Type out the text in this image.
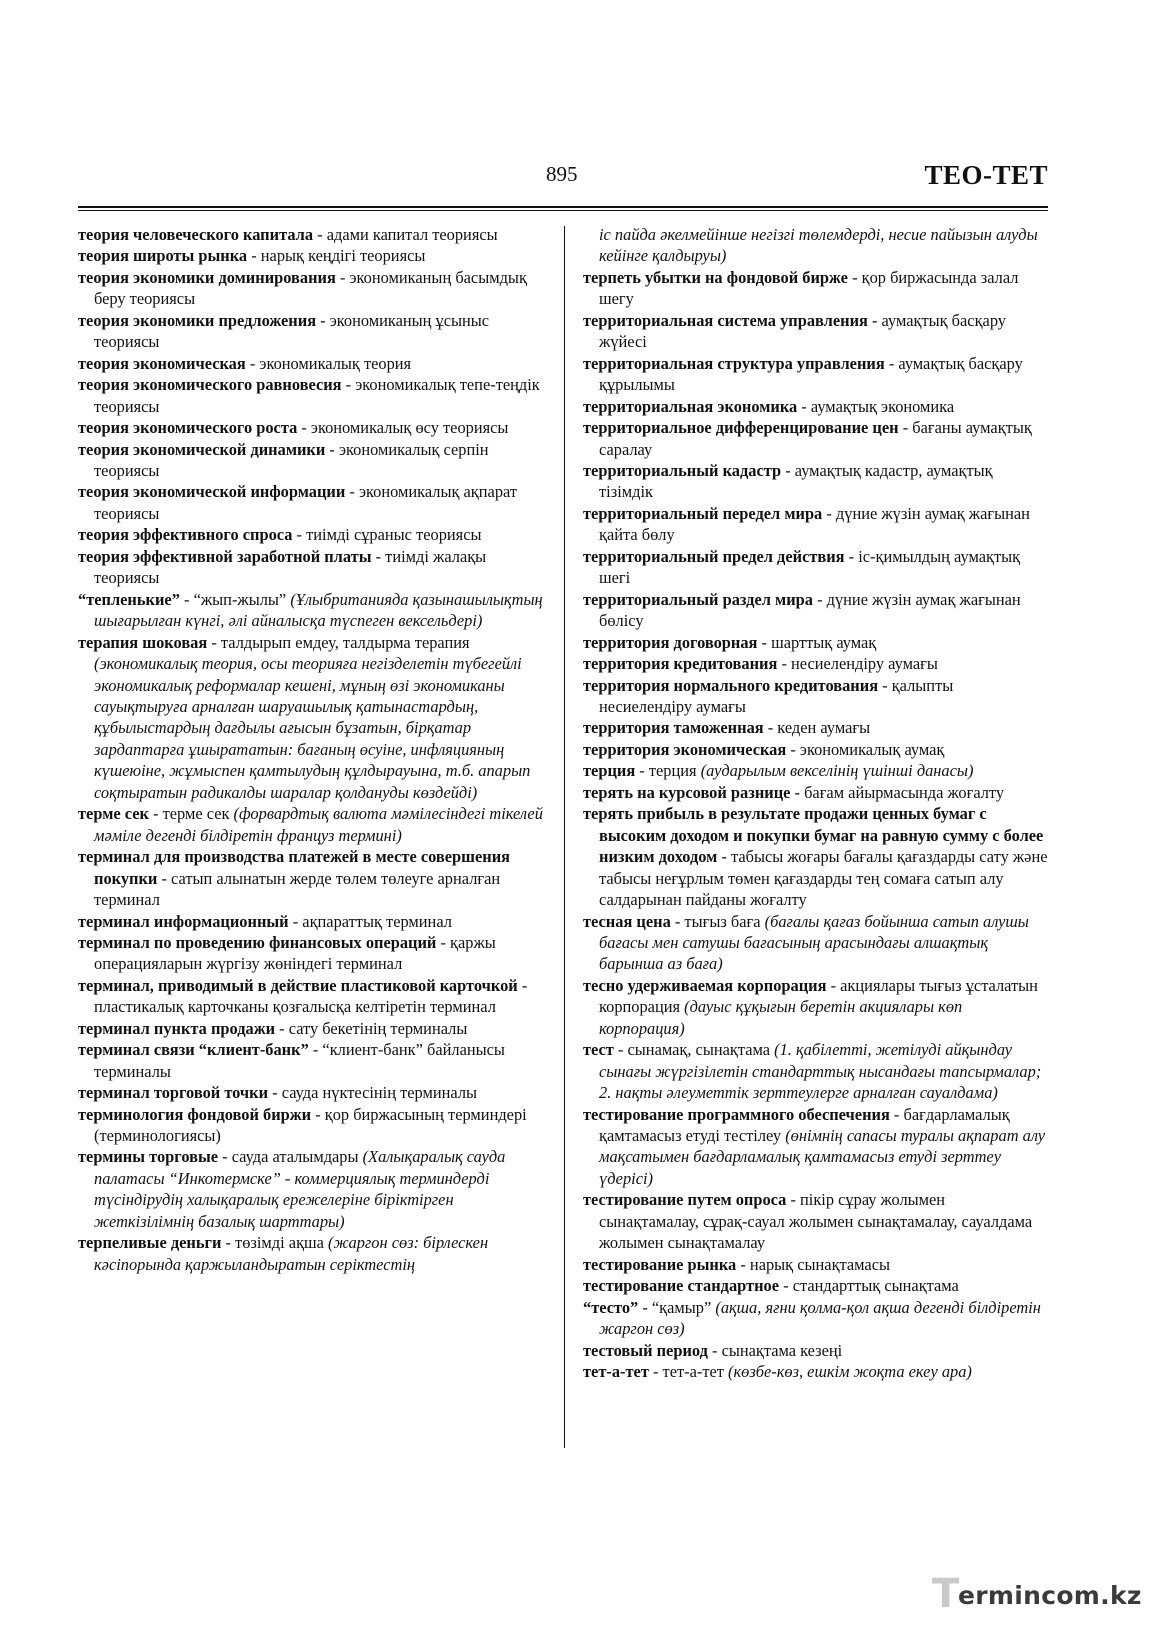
895	ТЕО-ТЕТ

теория человеческого капитала - адами капитал теориясы

теория широты рынка - нарық кеңдігі теориясы

теория экономики доминирования - экономиканың басымдық беру теориясы

теория экономики предложения - экономиканың ұсыныс теориясы

теория экономическая - экономикалық теория

теория экономического равновесия - экономикалық тепе-теңдік теориясы

теория экономического роста - экономикалық өсу теориясы

теория экономической динамики - экономикалық серпін теориясы

теория экономической информации - экономикалық ақпарат теориясы

теория эффективного спроса - тиімді сұраныс теориясы

теория эффективной заработной платы - тиімді жалақы теориясы

“тепленькие” - “жып-жылы” (Ұлыбританияда қазынашылықтың шығарылған күнгі, әлі айналысқа түспеген вексельдері)

терапия шоковая - талдырып емдеу, талдырма терапия (экономикалық теория, осы теорияға негізделетін түбегейлі экономикалық реформалар кешені, мұның өзі экономиканы сауықтыруға арналған шаруашылық қатынастардың, құбылыстардың дағдылы ағысын бұзатын, бірқатар зардаптарға ұшырататын: бағаның өсуіне, инфляцияның күшеюіне, жұмыспен қамтылудың құлдырауына, т.б. апарып соқтыратын радикалды шаралар қолдануды көздейді)

терме сек - терме сек (форвардтық валюта мәмілесіндегі тікелей мәміле дегенді білдіретін француз термині)

терминал для производства платежей в месте совершения покупки - сатып алынатын жерде төлем төлеуге арналған терминал

терминал информационный - ақпараттық терминал

терминал по проведению финансовых операций - қаржы операцияларын жүргізу жөніндегі терминал

терминал, приводимый в действие пластиковой карточкой - пластикалық карточканы қозғалысқа келтіретін терминал

терминал пункта продажи - сату бекетінің терминалы

терминал связи “клиент-банк” - “клиент-банк” байланысы терминалы

терминал торговой точки - сауда нүктесінің терминалы

терминология фондовой биржи - қор биржасының терминдері (терминологиясы)

термины торговые - сауда аталымдары (Халықаралық сауда палатасы “Инкотермске” - коммерциялық терминдерді түсіндірудің халықаралық ережелеріне біріктірген жеткізілімнің базалық шарттары)

терпеливые деньги - төзімді ақша (жаргон сөз: бірлескен кәсіпорында қаржыландыратын серіктестің

іс пайда әкелмейінше негізгі төлемдерді, несие пайызын алуды кейінге қалдыруы)

терпеть убытки на фондовой бирже - қор биржасында залал шегу

территориальная система управления - аумақтық басқару жүйесі

территориальная структура управления - аумақтық басқару құрылымы

территориальная экономика - аумақтық экономика

территориальное дифференцирование цен - бағаны аумақтық саралау

территориальный кадастр - аумақтық кадастр, аумақтық тізімдік

территориальный передел мира - дүние жүзін аумақ жағынан қайта бөлу

территориальный предел действия - іс-қимылдың аумақтық шегі

территориальный раздел мира - дүние жүзін аумақ жағынан бөлісу

территория договорная - шарттық аумақ

территория кредитования - несиелендіру аумағы

территория нормального кредитования - қалыпты несиелендіру аумағы

территория таможенная - кеден аумағы

территория экономическая - экономикалық аумақ

терция - терция (аударылым вексeлінің үшінші данасы)

терять на курсовой разнице - бағам айырмасында жоғалту

терять прибыль в результате продажи ценных бумаг с высоким доходом и покупки бумаг на равную сумму с более низким доходом - табысы жоғары бағалы қағаздарды сату және табысы неғұрлым төмен қағаздарды тең сомаға сатып алу салдарынан пайданы жоғалту

тесная цена - тығыз баға (бағалы қағаз бойынша сатып алушы бағасы мен сатушы бағасының арасындағы алшақтық барынша аз баға)

тесно удерживаемая корпорация - акциялары тығыз ұсталатын корпорация (дауыс құқығын беретін акциялары көп корпорация)

тест - сынамақ, сынақтама (1. қабілетті, жетілуді айқындау сынағы жүргізілетін стандарттық нысандағы тапсырмалар; 2. нақты әлеуметтік зерттеулерге арналған сауалдама)

тестирование программного обеспечения - бағдарламалық қамтамасыз етуді тестілеу (өнімнің сапасы туралы ақпарат алу мақсатымен бағдарламалық қамтамасыз етуді зерттеу үдерісі)

тестирование путем опроса - пікір сұрау жолымен сынақтамалау, сұрақ-сауал жолымен сынақтамалау, сауалдама жолымен сынақтамалау

тестирование рынка - нарық сынақтамасы

тестирование стандартное - стандарттық сынақтама

“тесто” - “қамыр” (ақша, яғни қолма-қол ақша дегенді білдіретін жаргон сөз)

тестовый период - сынақтама кезеңі

тет-а-тет - тет-а-тет (көзбе-көз, ешкім жоқта екеу ара)

T
ermincom.kz
